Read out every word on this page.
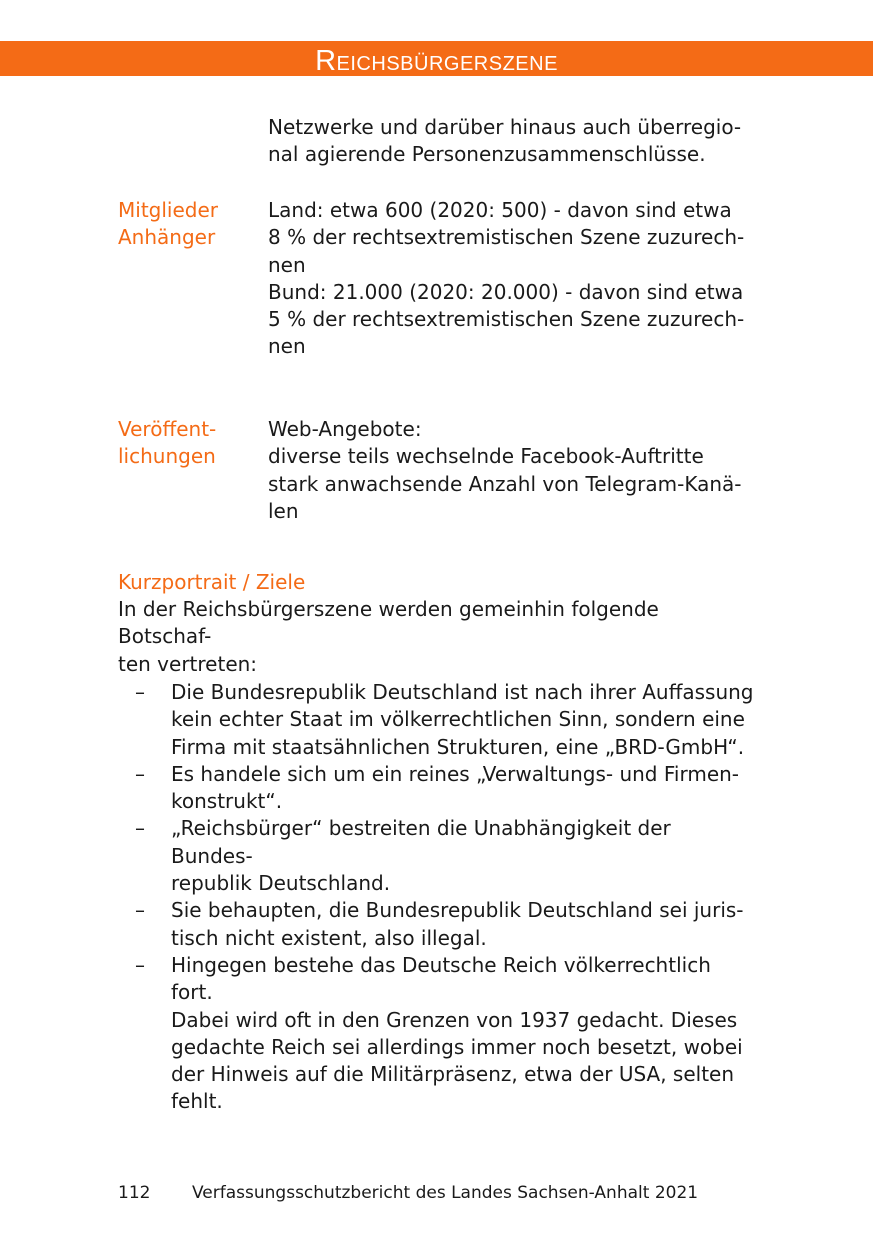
Reichsbürgerszene
Netzwerke und darüber hinaus auch überregio-
nal agierende Personenzusammenschlüsse.
Mitglieder
Anhänger
Land: etwa 600 (2020: 500) - davon sind etwa
8 % der rechtsextremistischen Szene zuzurech-
nen
Bund: 21.000 (2020: 20.000) - davon sind etwa
5 % der rechtsextremistischen Szene zuzurech-
nen
Veröffent-
lichungen
Web-Angebote:
diverse teils wechselnde Facebook-Auftritte
stark anwachsende Anzahl von Telegram-Kanä-
len
Kurzportrait / Ziele
In der Reichsbürgerszene werden gemeinhin folgende Botschaf-
ten vertreten:
– Die Bundesrepublik Deutschland ist nach ihrer Auffassung
kein echter Staat im völkerrechtlichen Sinn, sondern eine
Firma mit staatsähnlichen Strukturen, eine „BRD-GmbH“.
– Es handele sich um ein reines „Verwaltungs- und Firmen-
konstrukt“.
– „Reichsbürger“ bestreiten die Unabhängigkeit der Bundes-
republik Deutschland.
– Sie behaupten, die Bundesrepublik Deutschland sei juris-
tisch nicht existent, also illegal.
– Hingegen bestehe das Deutsche Reich völkerrechtlich fort.
Dabei wird oft in den Grenzen von 1937 gedacht. Dieses
gedachte Reich sei allerdings immer noch besetzt, wobei
der Hinweis auf die Militärpräsenz, etwa der USA, selten
fehlt.
112 Verfassungsschutzbericht des Landes Sachsen-Anhalt 2021
